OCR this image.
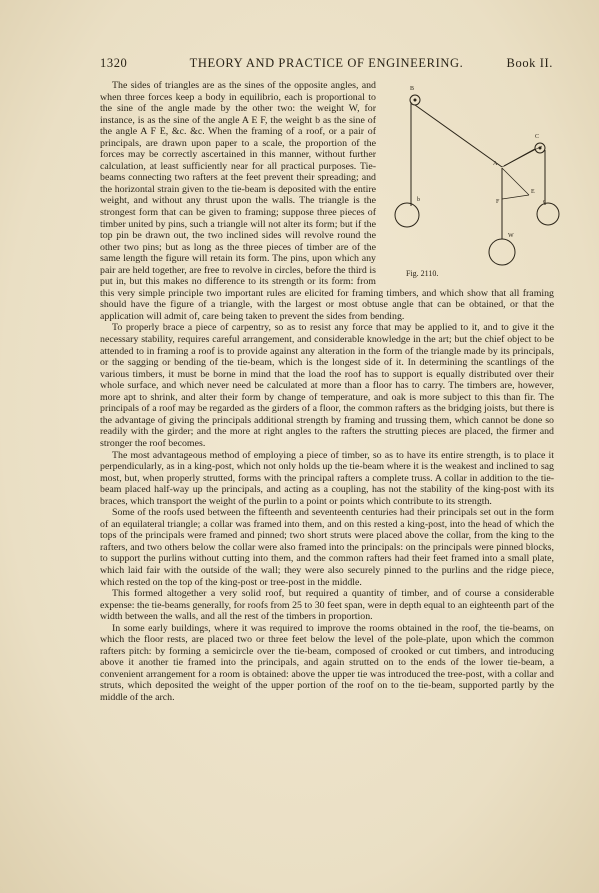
1320	THEORY AND PRACTICE OF ENGINEERING.	Book II.
B
C
A
E
F
b	c
W
Fig. 2110.

The sides of triangles are as the sines of the opposite angles, and when three forces keep a body in equilibrio, each is proportional to the sine of the angle made by the other two: the weight W, for instance, is as the sine of the angle A E F, the weight b as the sine of the angle A F E, &c. &c. When the framing of a roof, or a pair of principals, are drawn upon paper to a scale, the proportion of the forces may be correctly ascertained in this manner, without further calculation, at least sufficiently near for all practical purposes. Tie-beams connecting two rafters at the feet prevent their spreading; and the horizontal strain given to the tie-beam is deposited with the entire weight, and without any thrust upon the walls. The triangle is the strongest form that can be given to framing; suppose three pieces of timber united by pins, such a triangle will not alter its form; but if the top pin be drawn out, the two inclined sides will revolve round the other two pins; but as long as the three pieces of timber are of the same length the figure will retain its form. The pins, upon which any pair are held together, are free to revolve in circles, before the third is put in, but this makes no difference to its strength or its form: from this very simple principle two important rules are elicited for framing timbers, and which show that all framing should have the figure of a triangle, with the largest or most obtuse angle that can be obtained, or that the application will admit of, care being taken to prevent the sides from bending.

To properly brace a piece of carpentry, so as to resist any force that may be applied to it, and to give it the necessary stability, requires careful arrangement, and considerable knowledge in the art; but the chief object to be attended to in framing a roof is to provide against any alteration in the form of the triangle made by its principals, or the sagging or bending of the tie-beam, which is the longest side of it. In determining the scantlings of the various timbers, it must be borne in mind that the load the roof has to support is equally distributed over their whole surface, and which never need be calculated at more than a floor has to carry. The timbers are, however, more apt to shrink, and alter their form by change of temperature, and oak is more subject to this than fir. The principals of a roof may be regarded as the girders of a floor, the common rafters as the bridging joists, but there is the advantage of giving the principals additional strength by framing and trussing them, which cannot be done so readily with the girder; and the more at right angles to the rafters the strutting pieces are placed, the firmer and stronger the roof becomes.

The most advantageous method of employing a piece of timber, so as to have its entire strength, is to place it perpendicularly, as in a king-post, which not only holds up the tie-beam where it is the weakest and inclined to sag most, but, when properly strutted, forms with the principal rafters a complete truss. A collar in addition to the tie-beam placed half-way up the principals, and acting as a coupling, has not the stability of the king-post with its braces, which transport the weight of the purlin to a point or points which contribute to its strength.

Some of the roofs used between the fifteenth and seventeenth centuries had their principals set out in the form of an equilateral triangle; a collar was framed into them, and on this rested a king-post, into the head of which the tops of the principals were framed and pinned; two short struts were placed above the collar, from the king to the rafters, and two others below the collar were also framed into the principals: on the principals were pinned blocks, to support the purlins without cutting into them, and the common rafters had their feet framed into a small plate, which laid fair with the outside of the wall; they were also securely pinned to the purlins and the ridge piece, which rested on the top of the king-post or tree-post in the middle.

This formed altogether a very solid roof, but required a quantity of timber, and of course a considerable expense: the tie-beams generally, for roofs from 25 to 30 feet span, were in depth equal to an eighteenth part of the width between the walls, and all the rest of the timbers in proportion.

In some early buildings, where it was required to improve the rooms obtained in the roof, the tie-beams, on which the floor rests, are placed two or three feet below the level of the pole-plate, upon which the common rafters pitch: by forming a semicircle over the tie-beam, composed of crooked or cut timbers, and introducing above it another tie framed into the principals, and again strutted on to the ends of the lower tie-beam, a convenient arrangement for a room is obtained: above the upper tie was introduced the tree-post, with a collar and struts, which deposited the weight of the upper portion of the roof on to the tie-beam, supported partly by the middle of the arch.
